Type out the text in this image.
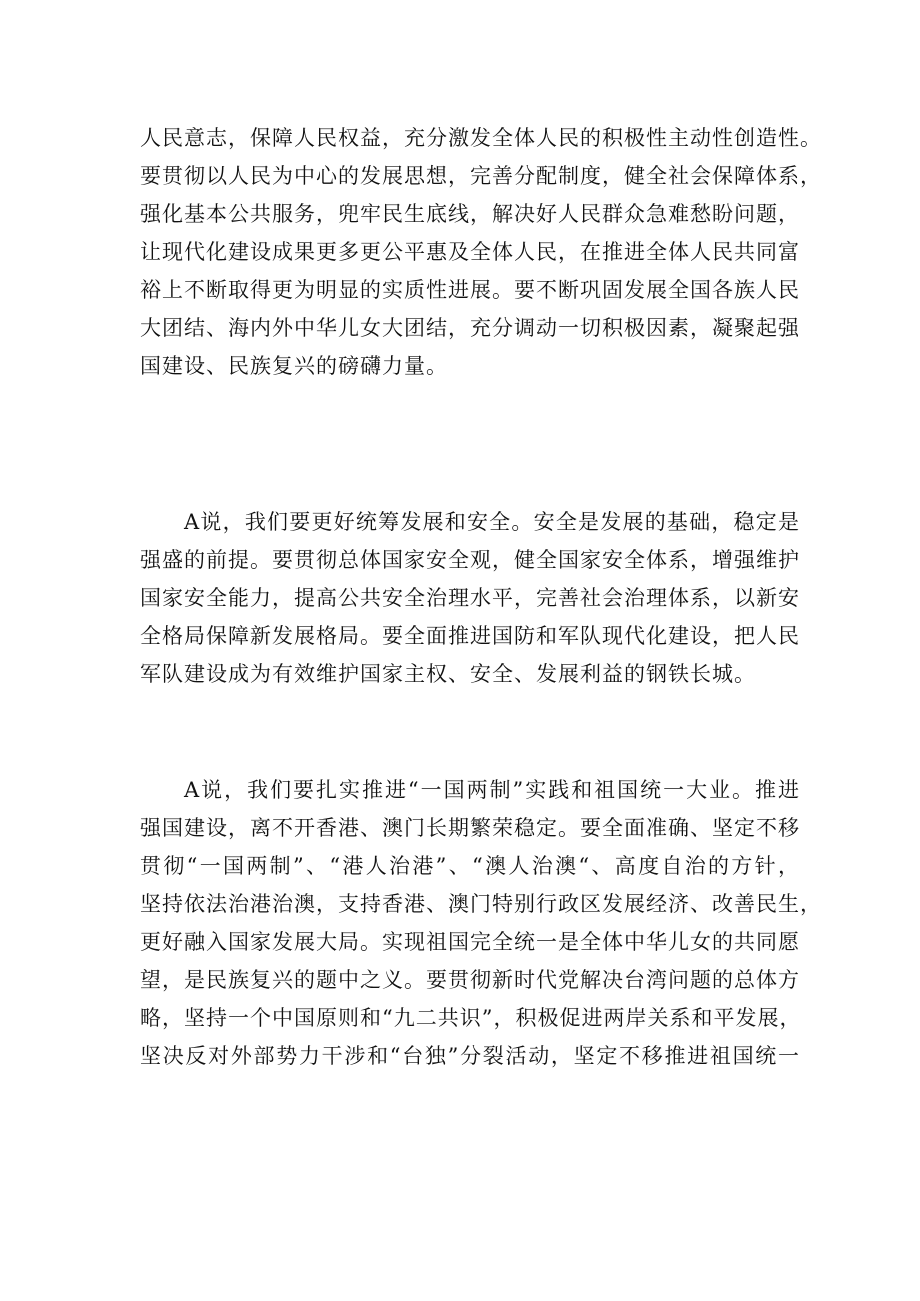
人民意志，保障人民权益，充分激发全体人民的积极性主动性创造性。
要贯彻以人民为中心的发展思想，完善分配制度，健全社会保障体系，
强化基本公共服务，兜牢民生底线，解决好人民群众急难愁盼问题，
让现代化建设成果更多更公平惠及全体人民，在推进全体人民共同富
裕上不断取得更为明显的实质性进展。要不断巩固发展全国各族人民
大团结、海内外中华儿女大团结，充分调动一切积极因素，凝聚起强
国建设、民族复兴的磅礴力量。
A说，我们要更好统筹发展和安全。安全是发展的基础，稳定是
强盛的前提。要贯彻总体国家安全观，健全国家安全体系，增强维护
国家安全能力，提高公共安全治理水平，完善社会治理体系，以新安
全格局保障新发展格局。要全面推进国防和军队现代化建设，把人民
军队建设成为有效维护国家主权、安全、发展利益的钢铁长城。
A说，我们要扎实推进“一国两制”实践和祖国统一大业。推进
强国建设，离不开香港、澳门长期繁荣稳定。要全面准确、坚定不移
贯彻“一国两制”、“港人治港”、“澳人治澳“、高度自治的方针，
坚持依法治港治澳，支持香港、澳门特别行政区发展经济、改善民生，
更好融入国家发展大局。实现祖国完全统一是全体中华儿女的共同愿
望，是民族复兴的题中之义。要贯彻新时代党解决台湾问题的总体方
略，坚持一个中国原则和“九二共识”，积极促进两岸关系和平发展，
坚决反对外部势力干涉和“台独”分裂活动，坚定不移推进祖国统一
